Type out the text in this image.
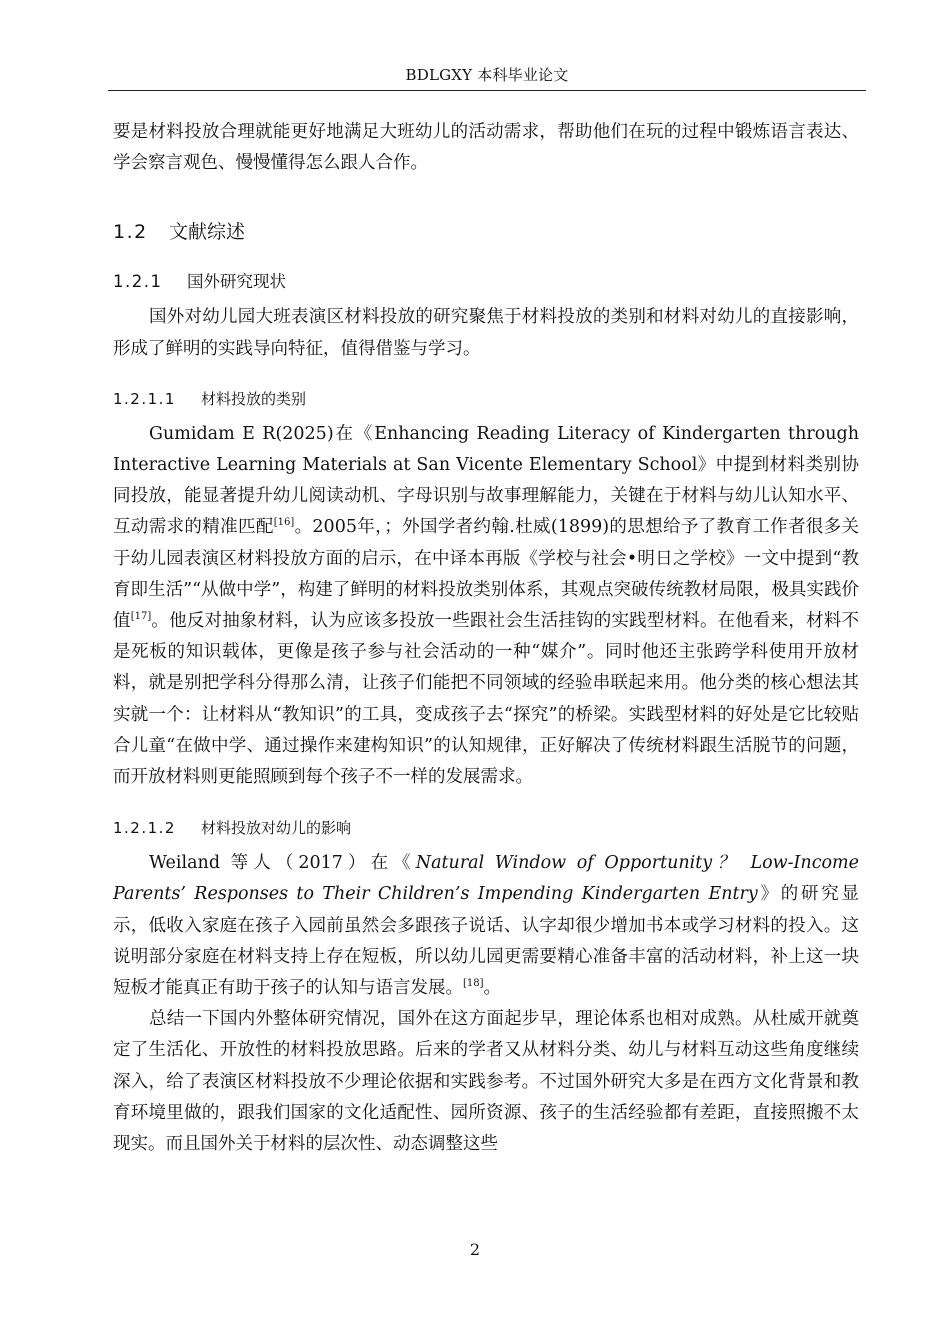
BDLGXY 本科毕业论文

要是材料投放合理就能更好地满足大班幼儿的活动需求，帮助他们在玩的过程中锻炼语言表达、学会察言观色、慢慢懂得怎么跟人合作。

1.2 文献综述
1.2.1 国外研究现状

国外对幼儿园大班表演区材料投放的研究聚焦于材料投放的类别和材料对幼儿的直接影响，形成了鲜明的实践导向特征，值得借鉴与学习。

1.2.1.1 材料投放的类别

Gumidam E R(2025)在《Enhancing Reading Literacy of Kindergarten through Interactive Learning Materials at San Vicente Elementary School》中提到材料类别协同投放，能显著提升幼儿阅读动机、字母识别与故事理解能力，关键在于材料与幼儿认知水平、互动需求的精准匹配[16]。2005年，；外国学者约翰.杜威(1899)的思想给予了教育工作者很多关于幼儿园表演区材料投放方面的启示，在中译本再版《学校与社会•明日之学校》一文中提到“教育即生活”“从做中学”，构建了鲜明的材料投放类别体系，其观点突破传统教材局限，极具实践价值[17]。他反对抽象材料，认为应该多投放一些跟社会生活挂钩的实践型材料。在他看来，材料不是死板的知识载体，更像是孩子参与社会活动的一种“媒介”。同时他还主张跨学科使用开放材料，就是别把学科分得那么清，让孩子们能把不同领域的经验串联起来用。他分类的核心想法其实就一个：让材料从“教知识”的工具，变成孩子去“探究”的桥梁。实践型材料的好处是它比较贴合儿童“在做中学、通过操作来建构知识”的认知规律，正好解决了传统材料跟生活脱节的问题，而开放材料则更能照顾到每个孩子不一样的发展需求。

1.2.1.2 材料投放对幼儿的影响

Weiland 等人（2017）在《Natural Window of Opportunity？ Low-Income Parents’ Responses to Their Children’s Impending Kindergarten Entry》的研究显示，低收入家庭在孩子入园前虽然会多跟孩子说话、认字却很少增加书本或学习材料的投入。这说明部分家庭在材料支持上存在短板，所以幼儿园更需要精心准备丰富的活动材料，补上这一块短板才能真正有助于孩子的认知与语言发展。[18]。

总结一下国内外整体研究情况，国外在这方面起步早，理论体系也相对成熟。从杜威开就奠定了生活化、开放性的材料投放思路。后来的学者又从材料分类、幼儿与材料互动这些角度继续深入，给了表演区材料投放不少理论依据和实践参考。不过国外研究大多是在西方文化背景和教育环境里做的，跟我们国家的文化适配性、园所资源、孩子的生活经验都有差距，直接照搬不太现实。而且国外关于材料的层次性、动态调整这些

2
